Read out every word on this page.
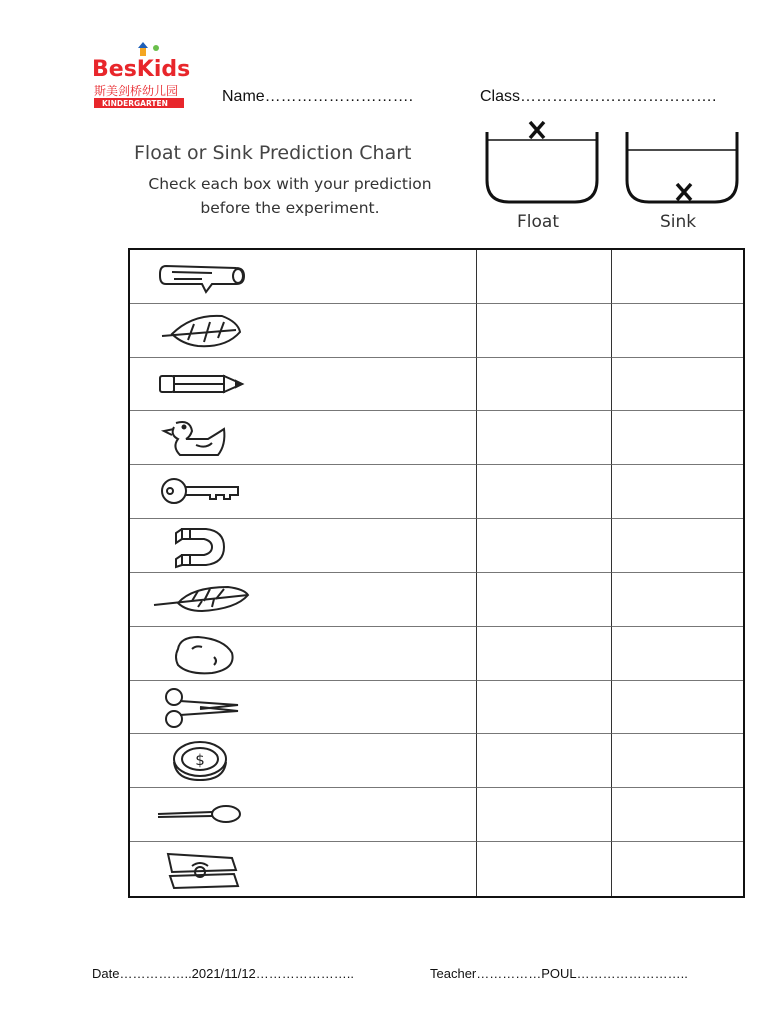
BesKids
斯美剑桥幼儿园
KINDERGARTEN	Name……………………….	Class……………………………….
Float or Sink Prediction Chart
Check each box with your prediction before the experiment.
Float	Sink
$
Date……………..2021/11/12…………………..	Teacher……………POUL……………………..
